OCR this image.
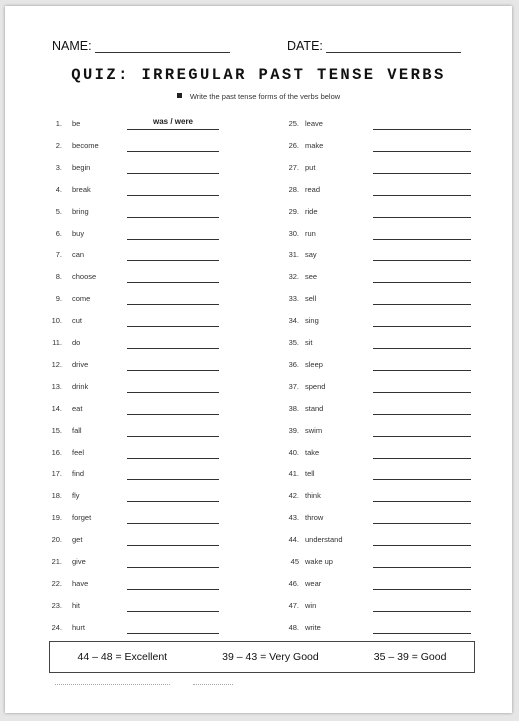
NAME:	DATE:
QUIZ: IRREGULAR PAST TENSE VERBS
Write the past tense forms of the verbs below
1. be	was / were
2. become
3. begin
4. break
5. bring
6. buy
7. can
8. choose
9. come
10. cut
11. do
12. drive
13. drink
14. eat
15. fall
16. feel
17. find
18. fly
19. forget
20. get
21. give
22. have
23. hit
24. hurt
25. leave
26. make
27. put
28. read
29. ride
30. run
31. say
32. see
33. sell
34. sing
35. sit
36. sleep
37. spend
38. stand
39. swim
40. take
41. tell
42. think
43. throw
44. understand
45 wake up
46. wear
47. win
48. write
44 – 48 = Excellent	39 – 43 = Very Good	35 – 39 = Good
